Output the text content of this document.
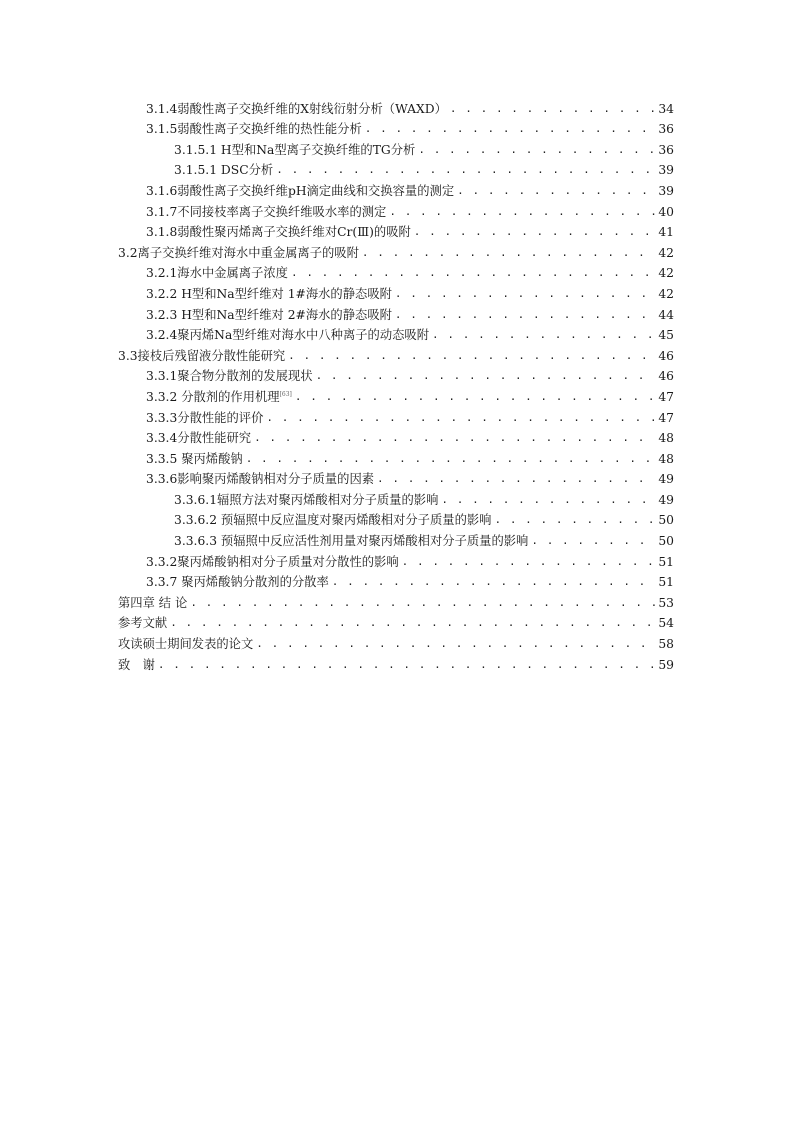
3.1.4弱酸性离子交换纤维的X射线衍射分析（WAXD） . . .	34
3.1.5弱酸性离子交换纤维的热性能分析 . . .	36
3.1.5.1 H型和Na型离子交换纤维的TG分析 . . .	36
3.1.5.1 DSC分析 . . .	39
3.1.6弱酸性离子交换纤维pH滴定曲线和交换容量的测定 . . .	39
3.1.7不同接枝率离子交换纤维吸水率的测定 . . .	40
3.1.8弱酸性聚丙烯离子交换纤维对Cr(Ⅲ)的吸附 . . .	41
3.2离子交换纤维对海水中重金属离子的吸附 . . .	42
3.2.1海水中金属离子浓度 . . .	42
3.2.2 H型和Na型纤维对 1#海水的静态吸附 . . .	42
3.2.3 H型和Na型纤维对 2#海水的静态吸附 . . .	44
3.2.4聚丙烯Na型纤维对海水中八种离子的动态吸附 . . .	45
3.3接枝后残留液分散性能研究 . . .	46
3.3.1聚合物分散剂的发展现状 . . .	46
3.3.2 分散剂的作用机理[63] . . .	47
3.3.3分散性能的评价 . . .	47
3.3.4分散性能研究 . . .	48
3.3.5 聚丙烯酸钠 . . .	48
3.3.6影响聚丙烯酸钠相对分子质量的因素 . . .	49
3.3.6.1辐照方法对聚丙烯酸相对分子质量的影响 . . .	49
3.3.6.2 预辐照中反应温度对聚丙烯酸相对分子质量的影响 . . .	50
3.3.6.3 预辐照中反应活性剂用量对聚丙烯酸相对分子质量的影响 . . .	50
3.3.2聚丙烯酸钠相对分子质量对分散性的影响 . . .	51
3.3.7 聚丙烯酸钠分散剂的分散率 . . .	51
第四章 结 论 . . .	53
参考文献 . . .	54
攻读硕士期间发表的论文 . . .	58
致　谢 . . .	59
